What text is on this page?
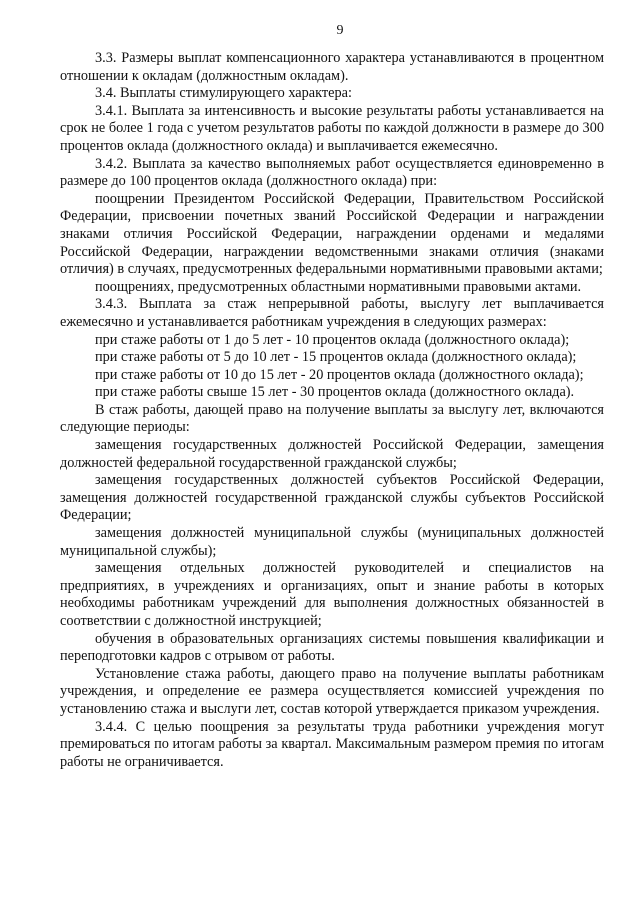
9

3.3. Размеры выплат компенсационного характера устанавливаются в процентном отношении к окладам (должностным окладам).

3.4. Выплаты стимулирующего характера:

3.4.1. Выплата за интенсивность и высокие результаты работы устанавливается на срок не более 1 года с учетом результатов работы по каждой должности в размере до 300 процентов оклада (должностного оклада) и выплачивается ежемесячно.

3.4.2. Выплата за качество выполняемых работ осуществляется единовременно в размере до 100 процентов оклада (должностного оклада) при:

поощрении Президентом Российской Федерации, Правительством Российской Федерации, присвоении почетных званий Российской Федерации и награждении знаками отличия Российской Федерации, награждении орденами и медалями Российской Федерации, награждении ведомственными знаками отличия (знаками отличия) в случаях, предусмотренных федеральными нормативными правовыми актами;

поощрениях, предусмотренных областными нормативными правовыми актами.

3.4.3. Выплата за стаж непрерывной работы, выслугу лет выплачивается ежемесячно и устанавливается работникам учреждения в следующих размерах:

при стаже работы от 1 до 5 лет - 10 процентов оклада (должностного оклада);

при стаже работы от 5 до 10 лет - 15 процентов оклада (должностного оклада);

при стаже работы от 10 до 15 лет - 20 процентов оклада (должностного оклада);

при стаже работы свыше 15 лет - 30 процентов оклада (должностного оклада).

В стаж работы, дающей право на получение выплаты за выслугу лет, включаются следующие периоды:

замещения государственных должностей Российской Федерации, замещения должностей федеральной государственной гражданской службы;

замещения государственных должностей субъектов Российской Федерации, замещения должностей государственной гражданской службы субъектов Российской Федерации;

замещения должностей муниципальной службы (муниципальных должностей муниципальной службы);

замещения отдельных должностей руководителей и специалистов на предприятиях, в учреждениях и организациях, опыт и знание работы в которых необходимы работникам учреждений для выполнения должностных обязанностей в соответствии с должностной инструкцией;

обучения в образовательных организациях системы повышения квалификации и переподготовки кадров с отрывом от работы.

Установление стажа работы, дающего право на получение выплаты работникам учреждения, и определение ее размера осуществляется комиссией учреждения по установлению стажа и выслуги лет, состав которой утверждается приказом учреждения.

3.4.4. С целью поощрения за результаты труда работники учреждения могут премироваться по итогам работы за квартал. Максимальным размером премия по итогам работы не ограничивается.
